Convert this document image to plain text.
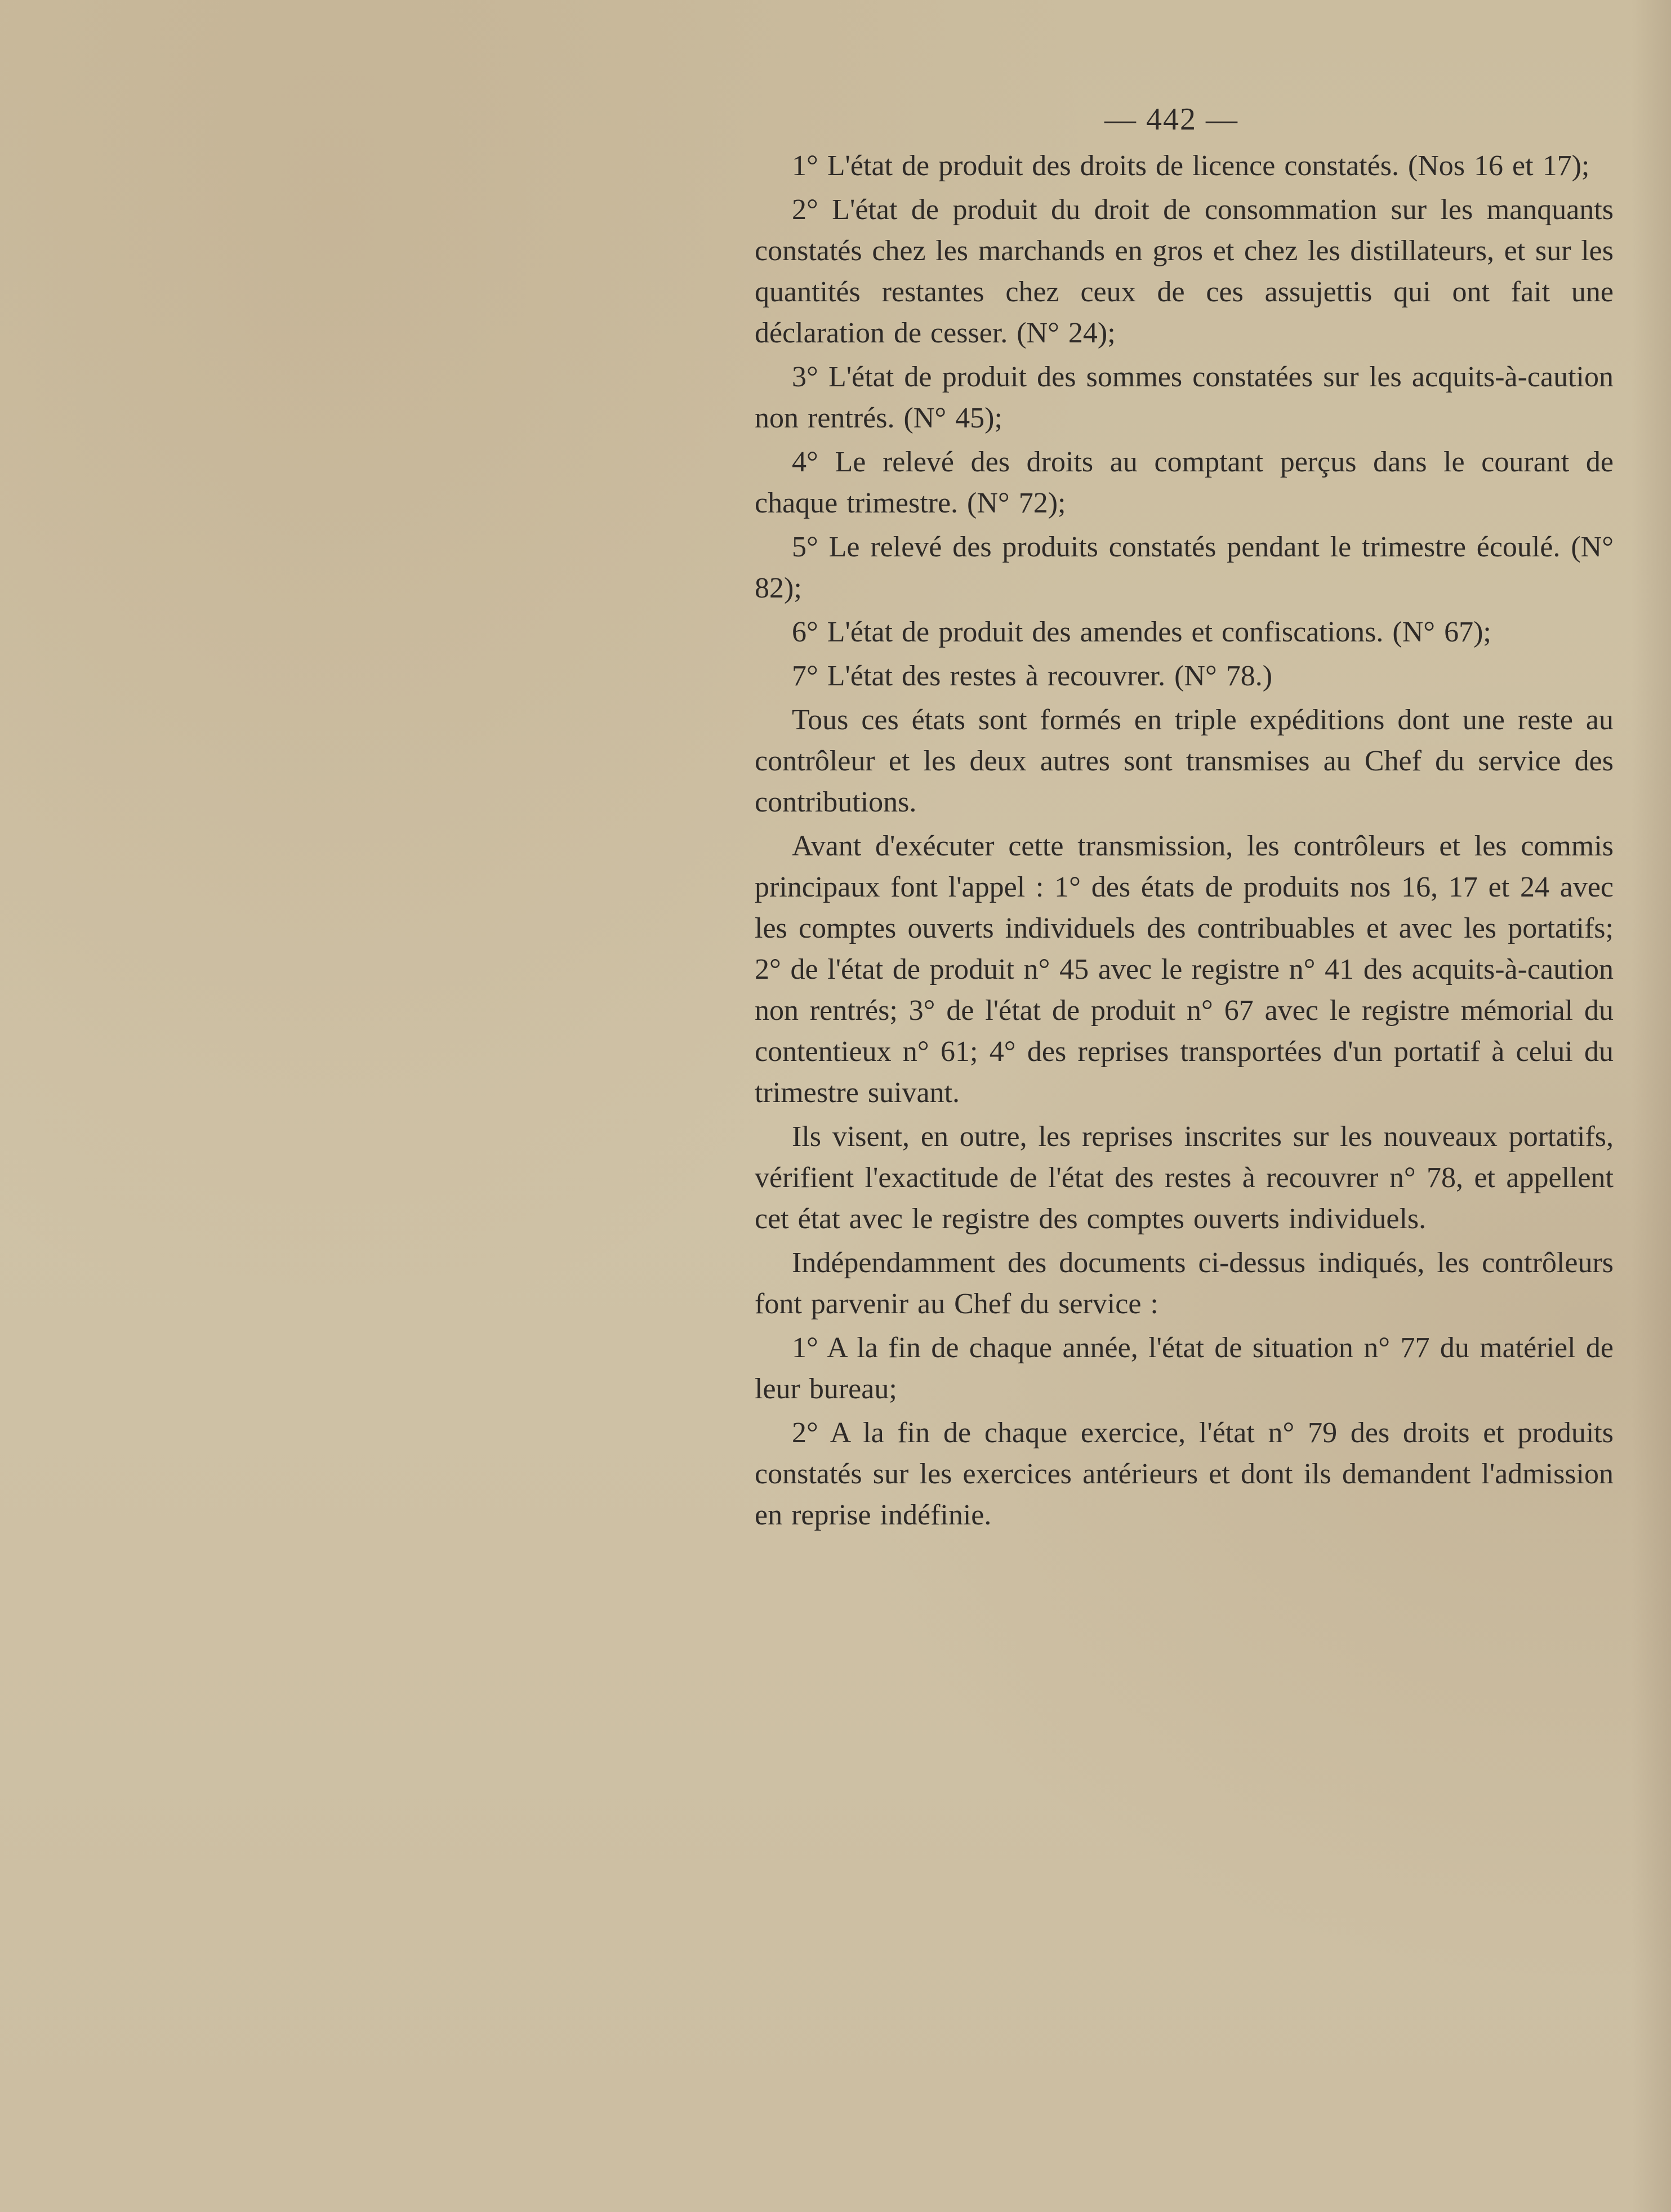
— 442 —

1° L'état de produit des droits de licence constatés. (Nos 16 et 17);

2° L'état de produit du droit de consommation sur les manquants constatés chez les marchands en gros et chez les distillateurs, et sur les quantités restantes chez ceux de ces assujettis qui ont fait une déclaration de cesser. (N° 24);

3° L'état de produit des sommes constatées sur les acquits-à-caution non rentrés. (N° 45);

4° Le relevé des droits au comptant perçus dans le courant de chaque trimestre. (N° 72);

5° Le relevé des produits constatés pendant le trimestre écoulé. (N° 82);

6° L'état de produit des amendes et confiscations. (N° 67);

7° L'état des restes à recouvrer. (N° 78.)

Tous ces états sont formés en triple expéditions dont une reste au contrôleur et les deux autres sont transmises au Chef du service des contributions.

Avant d'exécuter cette transmission, les contrôleurs et les commis principaux font l'appel : 1° des états de produits nos 16, 17 et 24 avec les comptes ouverts individuels des contribuables et avec les portatifs; 2° de l'état de produit n° 45 avec le registre n° 41 des acquits-à-caution non rentrés; 3° de l'état de produit n° 67 avec le registre mémorial du contentieux n° 61; 4° des reprises transportées d'un portatif à celui du trimestre suivant.

Ils visent, en outre, les reprises inscrites sur les nouveaux portatifs, vérifient l'exactitude de l'état des restes à recouvrer n° 78, et appellent cet état avec le registre des comptes ouverts individuels.

Indépendamment des documents ci-dessus indiqués, les contrôleurs font parvenir au Chef du service :

1° A la fin de chaque année, l'état de situation n° 77 du matériel de leur bureau;

2° A la fin de chaque exercice, l'état n° 79 des droits et produits constatés sur les exercices antérieurs et dont ils demandent l'admission en reprise indéfinie.
